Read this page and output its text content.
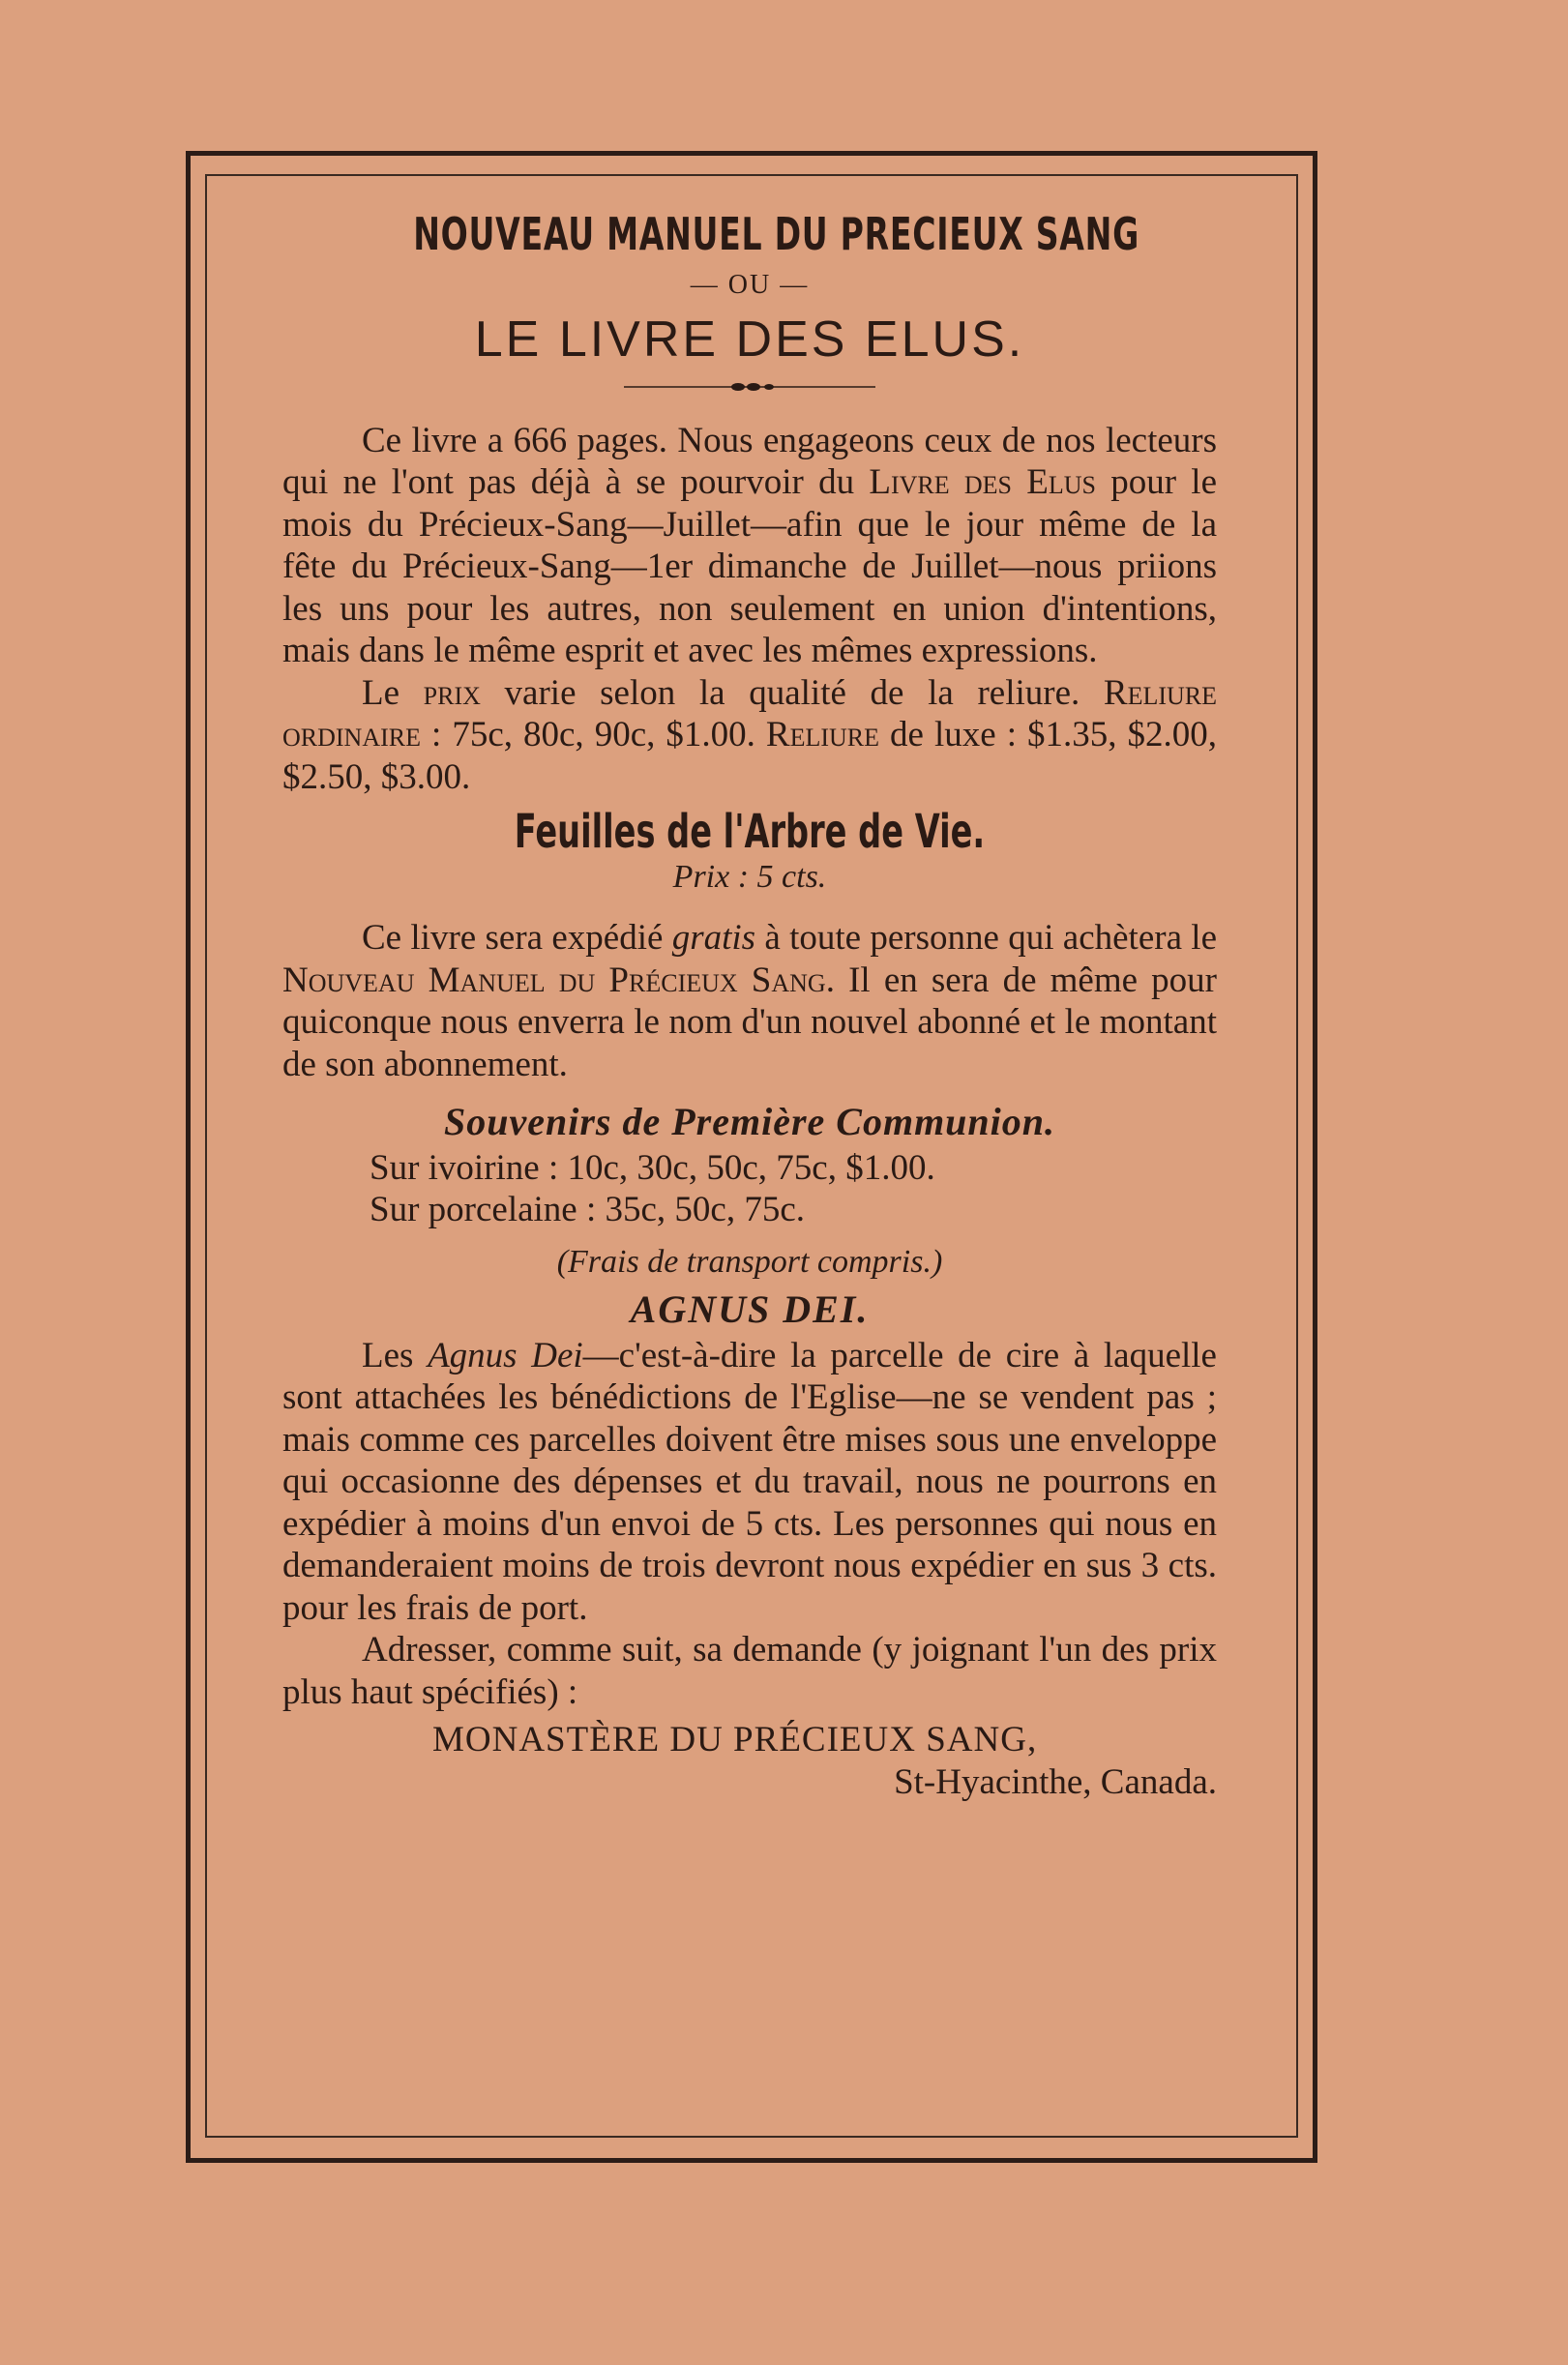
NOUVEAU MANUEL DU PRECIEUX SANG
— OU —
LE LIVRE DES ELUS.

Ce livre a 666 pages. Nous engageons ceux de nos lecteurs qui ne l'ont pas déjà à se pourvoir du Livre des Elus pour le mois du Précieux-Sang—Juillet—afin que le jour même de la fête du Précieux-Sang—1er dimanche de Juillet—nous priions les uns pour les autres, non seulement en union d'intentions, mais dans le même esprit et avec les mêmes expressions.

Le prix varie selon la qualité de la reliure. Reliure ordinaire : 75c, 80c, 90c, $1.00. Reliure de luxe : $1.35, $2.00, $2.50, $3.00.

Feuilles de l'Arbre de Vie.
Prix : 5 cts.

Ce livre sera expédié gratis à toute personne qui achètera le Nouveau Manuel du Précieux Sang. Il en sera de même pour quiconque nous enverra le nom d'un nouvel abonné et le montant de son abonnement.

Souvenirs de Première Communion.
Sur ivoirine : 10c, 30c, 50c, 75c, $1.00.
Sur porcelaine : 35c, 50c, 75c.
(Frais de transport compris.)
AGNUS DEI.

Les Agnus Dei—c'est-à-dire la parcelle de cire à laquelle sont attachées les bénédictions de l'Eglise—ne se vendent pas ; mais comme ces parcelles doivent être mises sous une enveloppe qui occasionne des dépenses et du travail, nous ne pourrons en expédier à moins d'un envoi de 5 cts. Les personnes qui nous en demanderaient moins de trois devront nous expédier en sus 3 cts. pour les frais de port.

Adresser, comme suit, sa demande (y joignant l'un des prix plus haut spécifiés) :

MONASTÈRE DU PRÉCIEUX SANG,
St-Hyacinthe, Canada.
